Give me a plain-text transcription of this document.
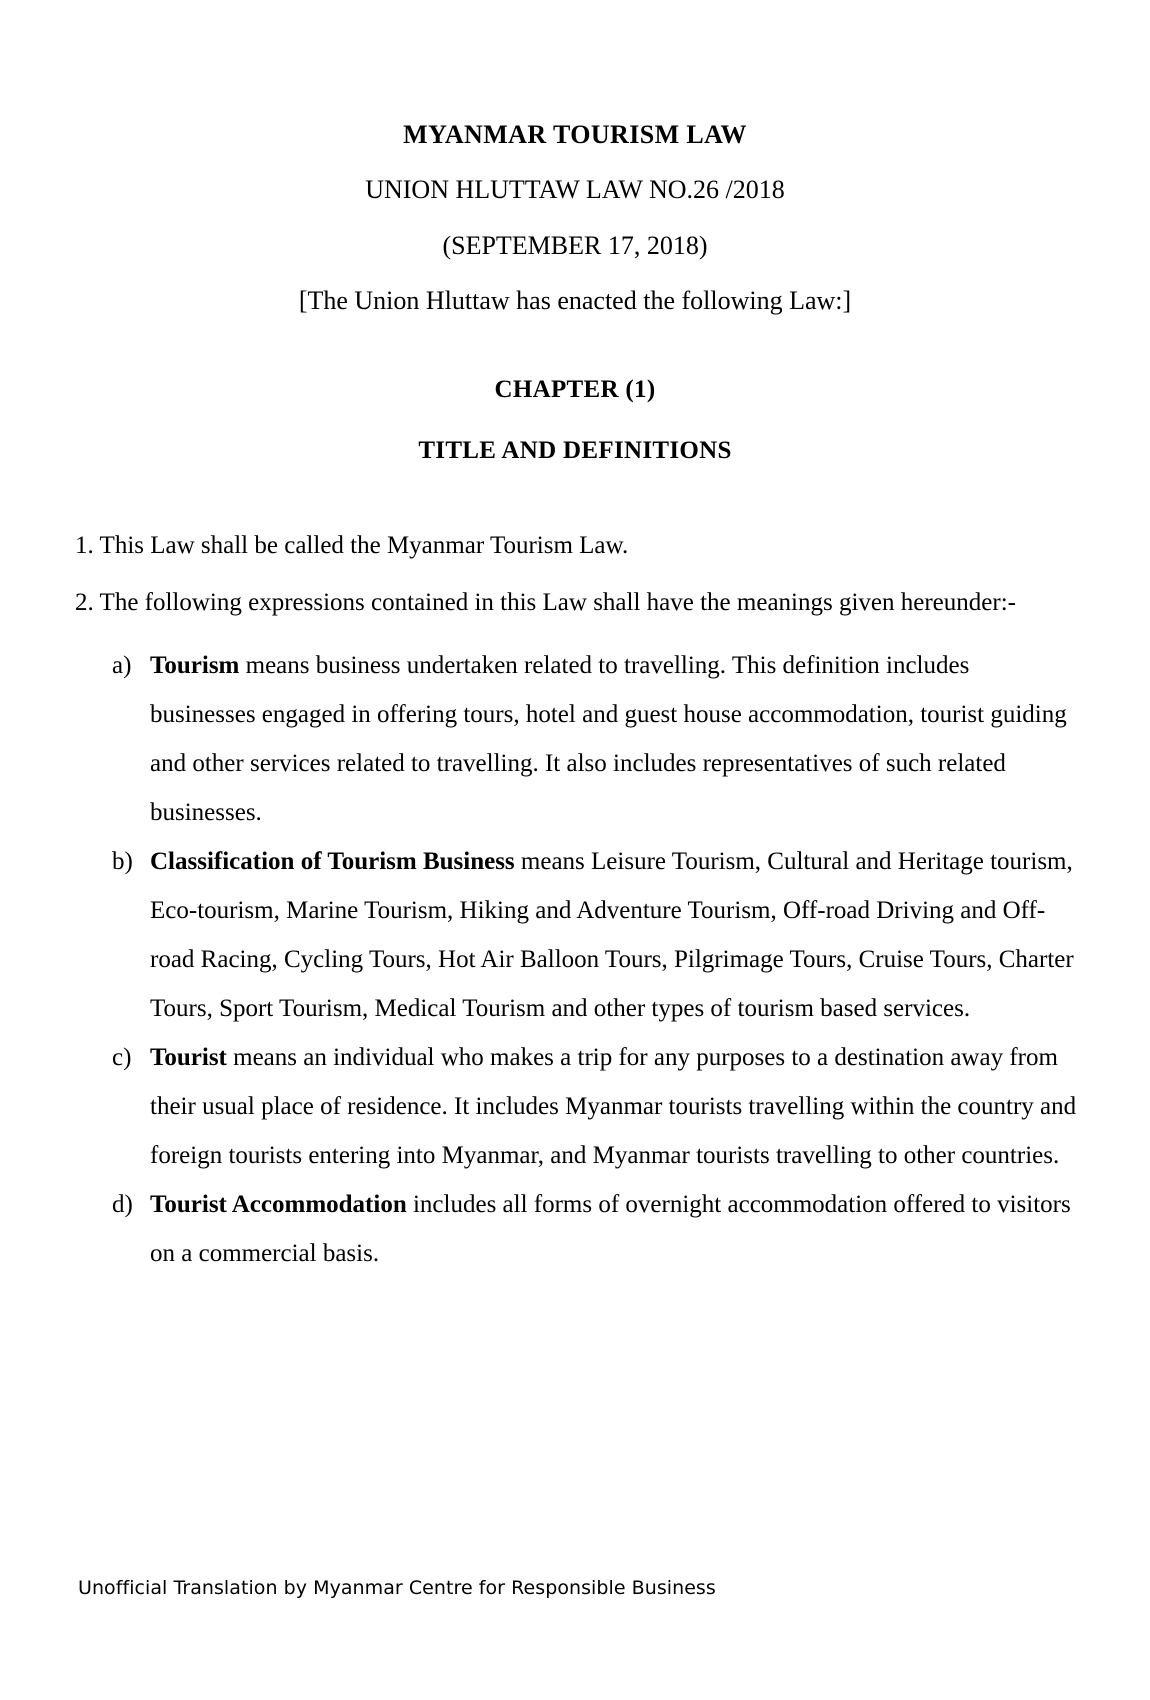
MYANMAR TOURISM LAW
UNION HLUTTAW LAW NO.26 /2018
(SEPTEMBER 17, 2018)
[The Union Hluttaw has enacted the following Law:]
CHAPTER (1)
TITLE AND DEFINITIONS

1. This Law shall be called the Myanmar Tourism Law.

2. The following expressions contained in this Law shall have the meanings given hereunder:-

a) Tourism means business undertaken related to travelling. This definition includes businesses engaged in offering tours, hotel and guest house accommodation, tourist guiding and other services related to travelling. It also includes representatives of such related businesses.
b) Classification of Tourism Business means Leisure Tourism, Cultural and Heritage tourism, Eco-tourism, Marine Tourism, Hiking and Adventure Tourism, Off-road Driving and Off-road Racing, Cycling Tours, Hot Air Balloon Tours, Pilgrimage Tours, Cruise Tours, Charter Tours, Sport Tourism, Medical Tourism and other types of tourism based services.
c) Tourist means an individual who makes a trip for any purposes to a destination away from their usual place of residence. It includes Myanmar tourists travelling within the country and foreign tourists entering into Myanmar, and Myanmar tourists travelling to other countries.
d) Tourist Accommodation includes all forms of overnight accommodation offered to visitors on a commercial basis.
Unofficial Translation by Myanmar Centre for Responsible Business
